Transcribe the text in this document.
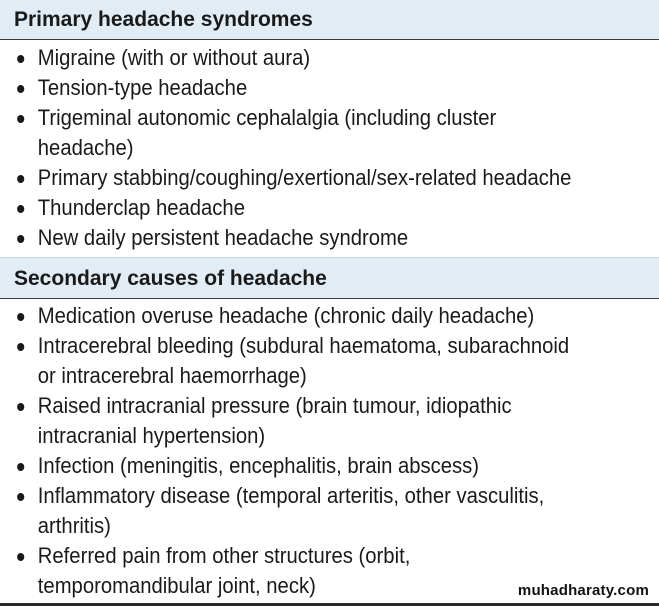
Primary headache syndromes
Migraine (with or without aura)
Tension-type headache
Trigeminal autonomic cephalalgia (including cluster headache)
Primary stabbing/coughing/exertional/sex-related headache
Thunderclap headache
New daily persistent headache syndrome
Secondary causes of headache
Medication overuse headache (chronic daily headache)
Intracerebral bleeding (subdural haematoma, subarachnoid or intracerebral haemorrhage)
Raised intracranial pressure (brain tumour, idiopathic intracranial hypertension)
Infection (meningitis, encephalitis, brain abscess)
Inflammatory disease (temporal arteritis, other vasculitis, arthritis)
Referred pain from other structures (orbit, temporomandibular joint, neck)	muhadharaty.com
